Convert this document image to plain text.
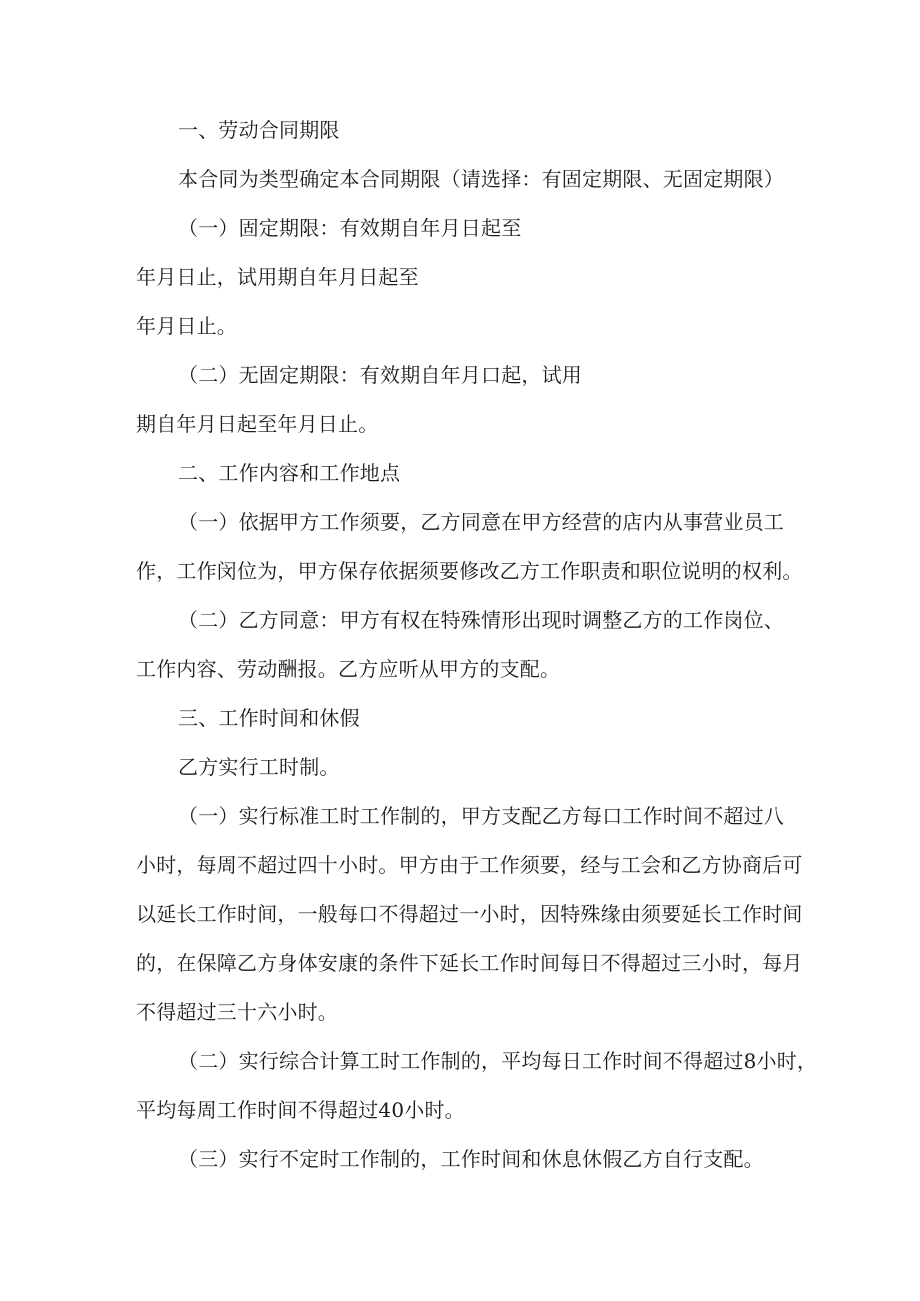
一、劳动合同期限
本合同为类型确定本合同期限（请选择：有固定期限、无固定期限）
（一）固定期限：有效期自年月日起至
年月日止，试用期自年月日起至
年月日止。
（二）无固定期限：有效期自年月口起，试用
期自年月日起至年月日止。
二、工作内容和工作地点
（一）依据甲方工作须要，乙方同意在甲方经营的店内从事营业员工
作，工作闵位为，甲方保存依据须要修改乙方工作职责和职位说明的权利。
（二）乙方同意：甲方有权在特殊情形出现时调整乙方的工作岗位、
工作内容、劳动酬报。乙方应听从甲方的支配。
三、工作时间和休假
乙方实行工时制。
（一）实行标准工时工作制的，甲方支配乙方每口工作时间不超过八
小时，每周不超过四十小时。甲方由于工作须要，经与工会和乙方协商后可
以延长工作时间，一般每口不得超过一小时，因特殊缘由须要延长工作时间
的，在保障乙方身体安康的条件下延长工作时间每日不得超过三小时，每月
不得超过三十六小时。
（二）实行综合计算工时工作制的，平均每日工作时间不得超过8小时，
平均每周工作时间不得超过40小时。
（三）实行不定时工作制的，工作时间和休息休假乙方自行支配。
